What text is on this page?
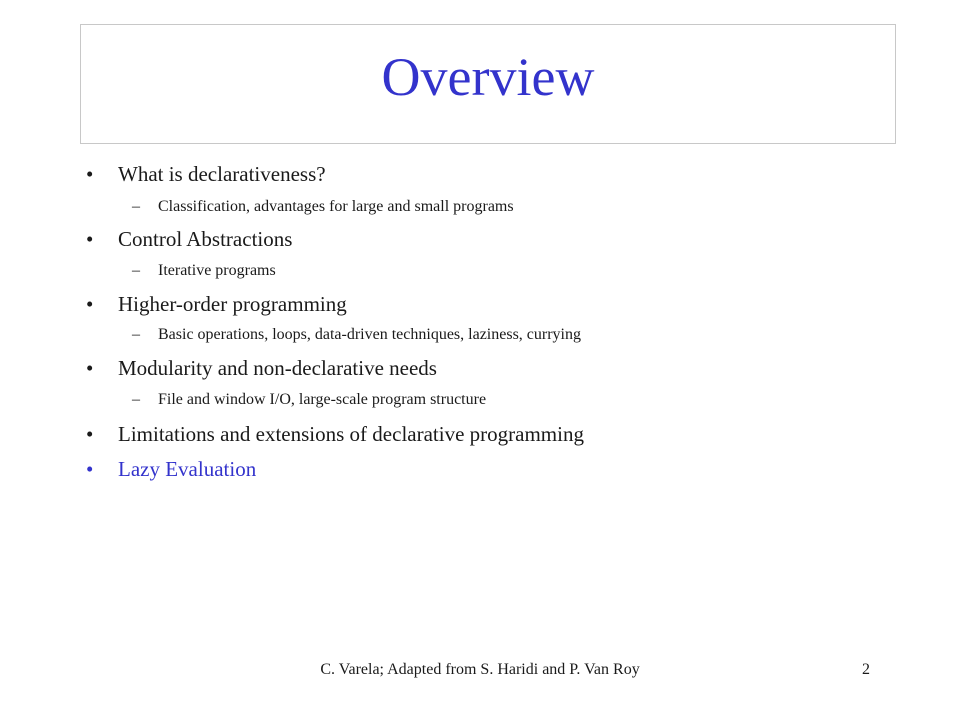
Overview
• What is declarativeness?
– Classification, advantages for large and small programs
• Control Abstractions
– Iterative programs
• Higher-order programming
– Basic operations, loops, data-driven techniques, laziness, currying
• Modularity and non-declarative needs
– File and window I/O, large-scale program structure
• Limitations and extensions of declarative programming
• Lazy Evaluation
C. Varela; Adapted from S. Haridi and P. Van Roy	2
